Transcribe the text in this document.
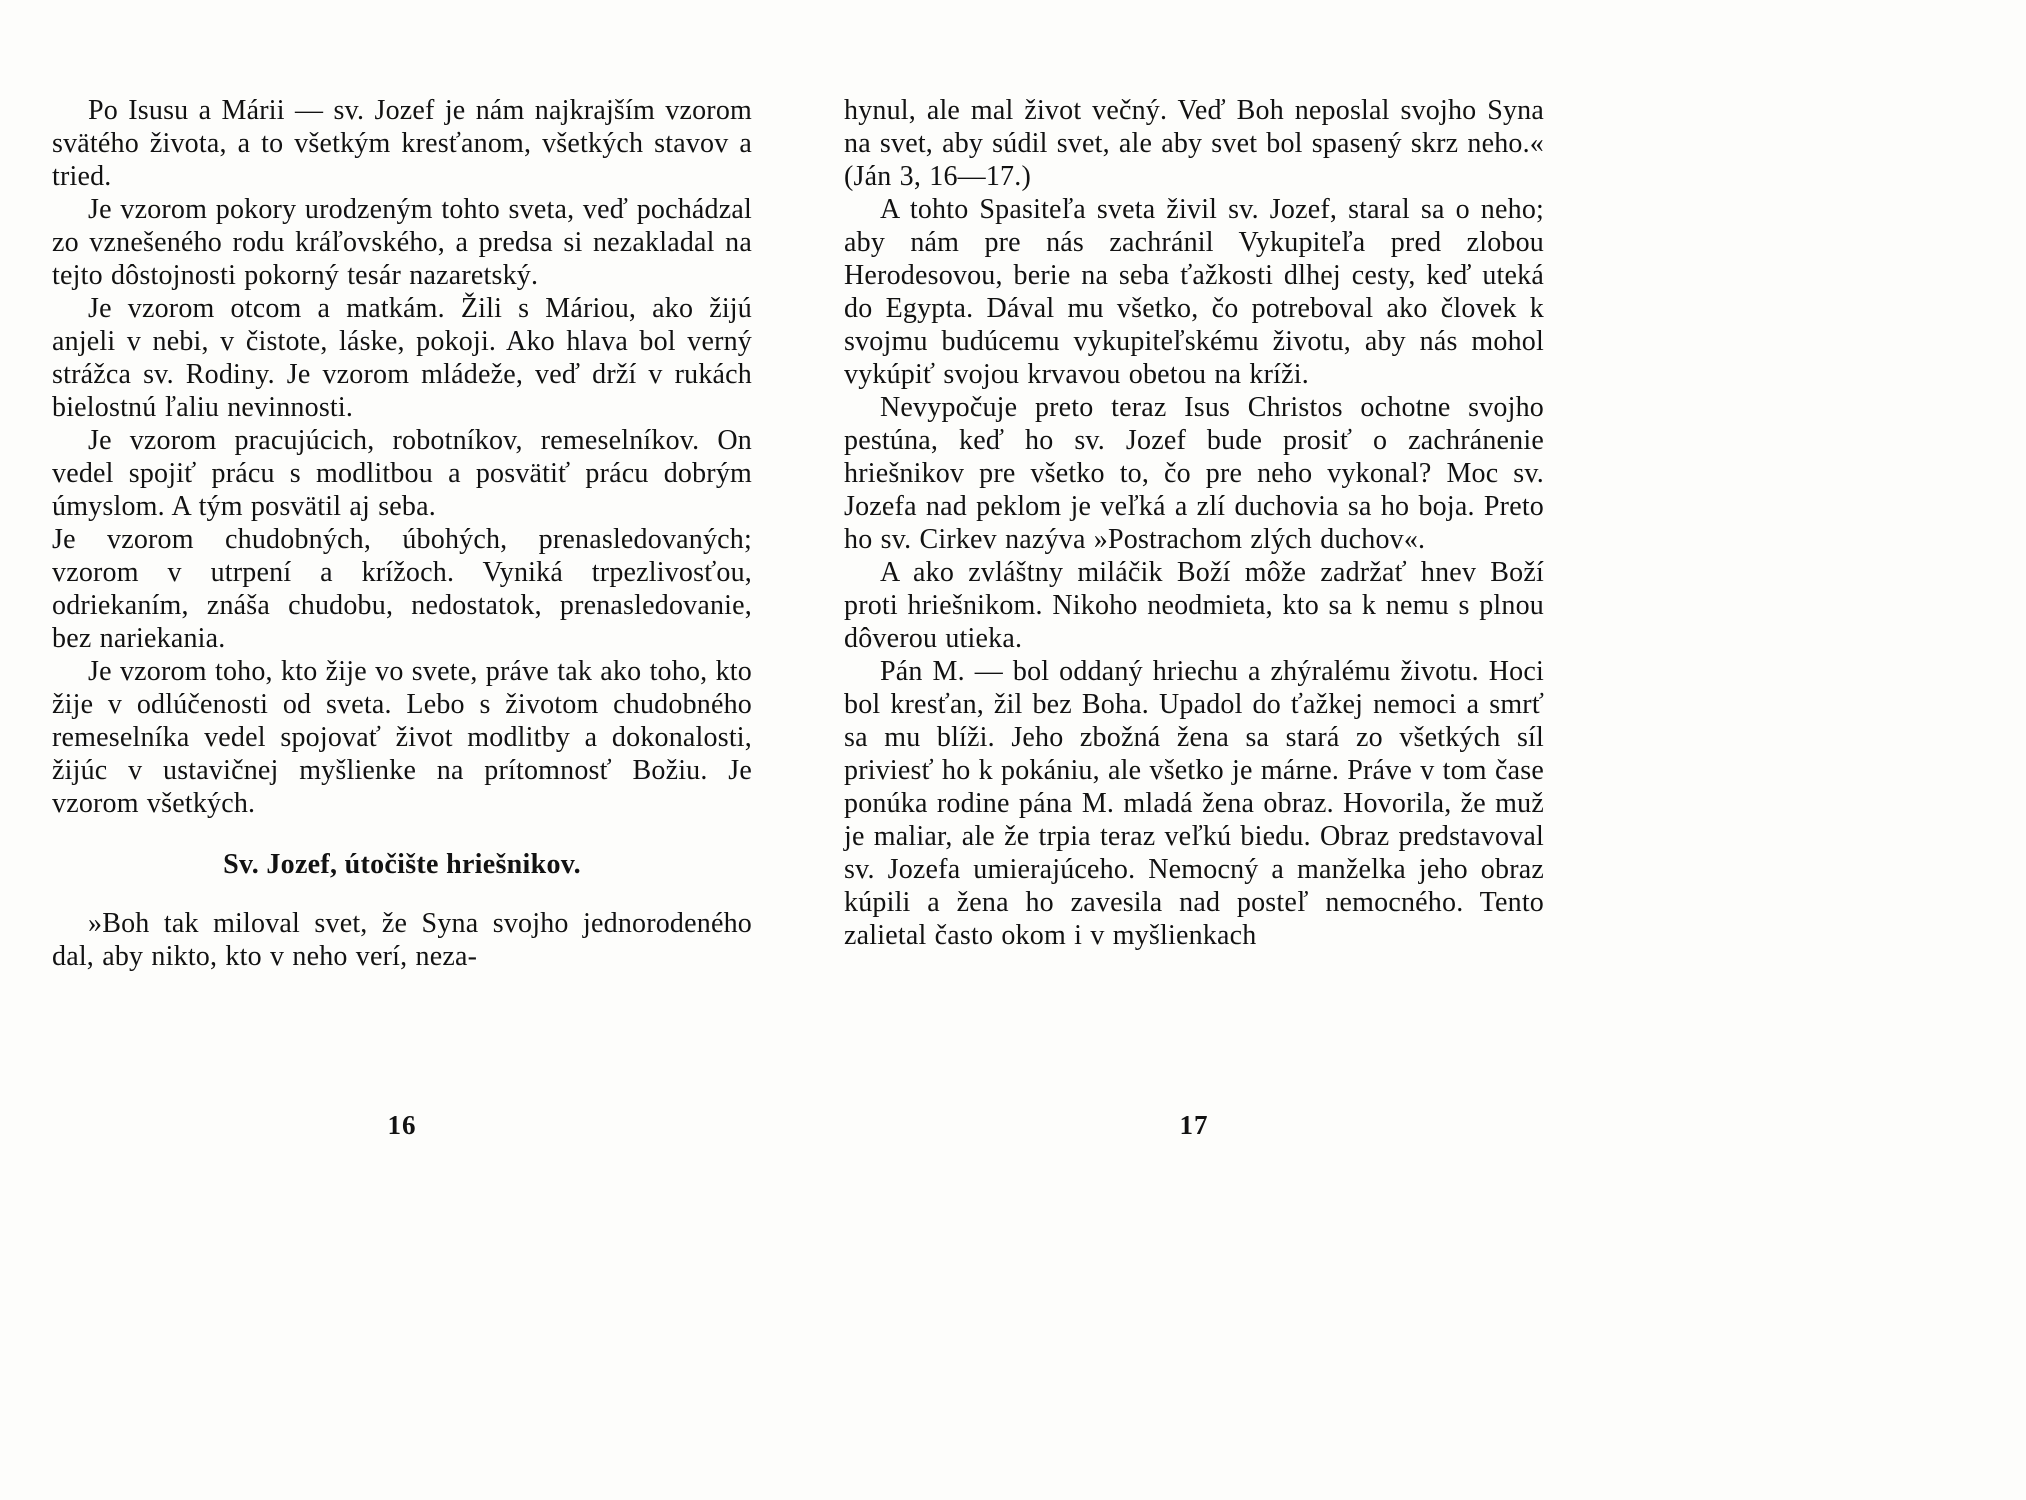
Po Isusu a Márii — sv. Jozef je nám najkrajším vzorom svätého života, a to všetkým kresťanom, všetkých stavov a tried.

Je vzorom pokory urodzeným tohto sveta, veď pochádzal zo vznešeného rodu kráľovského, a predsa si nezakladal na tejto dôstojnosti pokorný tesár nazaretský.

Je vzorom otcom a matkám. Žili s Máriou, ako žijú anjeli v nebi, v čistote, láske, pokoji. Ako hlava bol verný strážca sv. Rodiny. Je vzorom mládeže, veď drží v rukách bielostnú ľaliu nevinnosti.

Je vzorom pracujúcich, robotníkov, remeselníkov. On vedel spojiť prácu s modlitbou a posvätiť prácu dobrým úmyslom. A tým posvätil aj seba.

Je vzorom chudobných, úbohých, prenasledovaných; vzorom v utrpení a krížoch. Vyniká trpezlivosťou, odriekaním, znáša chudobu, nedostatok, prenasledovanie, bez nariekania.

Je vzorom toho, kto žije vo svete, práve tak ako toho, kto žije v odlúčenosti od sveta. Lebo s životom chudobného remeselníka vedel spojovať život modlitby a dokonalosti, žijúc v ustavičnej myšlienke na prítomnosť Božiu. Je vzorom všetkých.

Sv. Jozef, útočište hriešnikov.

»Boh tak miloval svet, že Syna svojho jednorodeného dal, aby nikto, kto v neho verí, neza-

hynul, ale mal život večný. Veď Boh neposlal svojho Syna na svet, aby súdil svet, ale aby svet bol spasený skrz neho.« (Ján 3, 16—17.)

A tohto Spasiteľa sveta živil sv. Jozef, staral sa o neho; aby nám pre nás zachránil Vykupiteľa pred zlobou Herodesovou, berie na seba ťažkosti dlhej cesty, keď uteká do Egypta. Dával mu všetko, čo potreboval ako človek k svojmu budúcemu vykupiteľskému životu, aby nás mohol vykúpiť svojou krvavou obetou na kríži.

Nevypočuje preto teraz Isus Christos ochotne svojho pestúna, keď ho sv. Jozef bude prosiť o zachránenie hriešnikov pre všetko to, čo pre neho vykonal? Moc sv. Jozefa nad peklom je veľká a zlí duchovia sa ho boja. Preto ho sv. Cirkev nazýva »Postrachom zlých duchov«.

A ako zvláštny miláčik Boží môže zadržať hnev Boží proti hriešnikom. Nikoho neodmieta, kto sa k nemu s plnou dôverou utieka.

Pán M. — bol oddaný hriechu a zhýralému životu. Hoci bol kresťan, žil bez Boha. Upadol do ťažkej nemoci a smrť sa mu blíži. Jeho zbožná žena sa stará zo všetkých síl priviesť ho k pokániu, ale všetko je márne. Práve v tom čase ponúka rodine pána M. mladá žena obraz. Hovorila, že muž je maliar, ale že trpia teraz veľkú biedu. Obraz predstavoval sv. Jozefa umierajúceho. Nemocný a manželka jeho obraz kúpili a žena ho zavesila nad posteľ nemocného. Tento zalietal často okom i v myšlienkach

16	17
